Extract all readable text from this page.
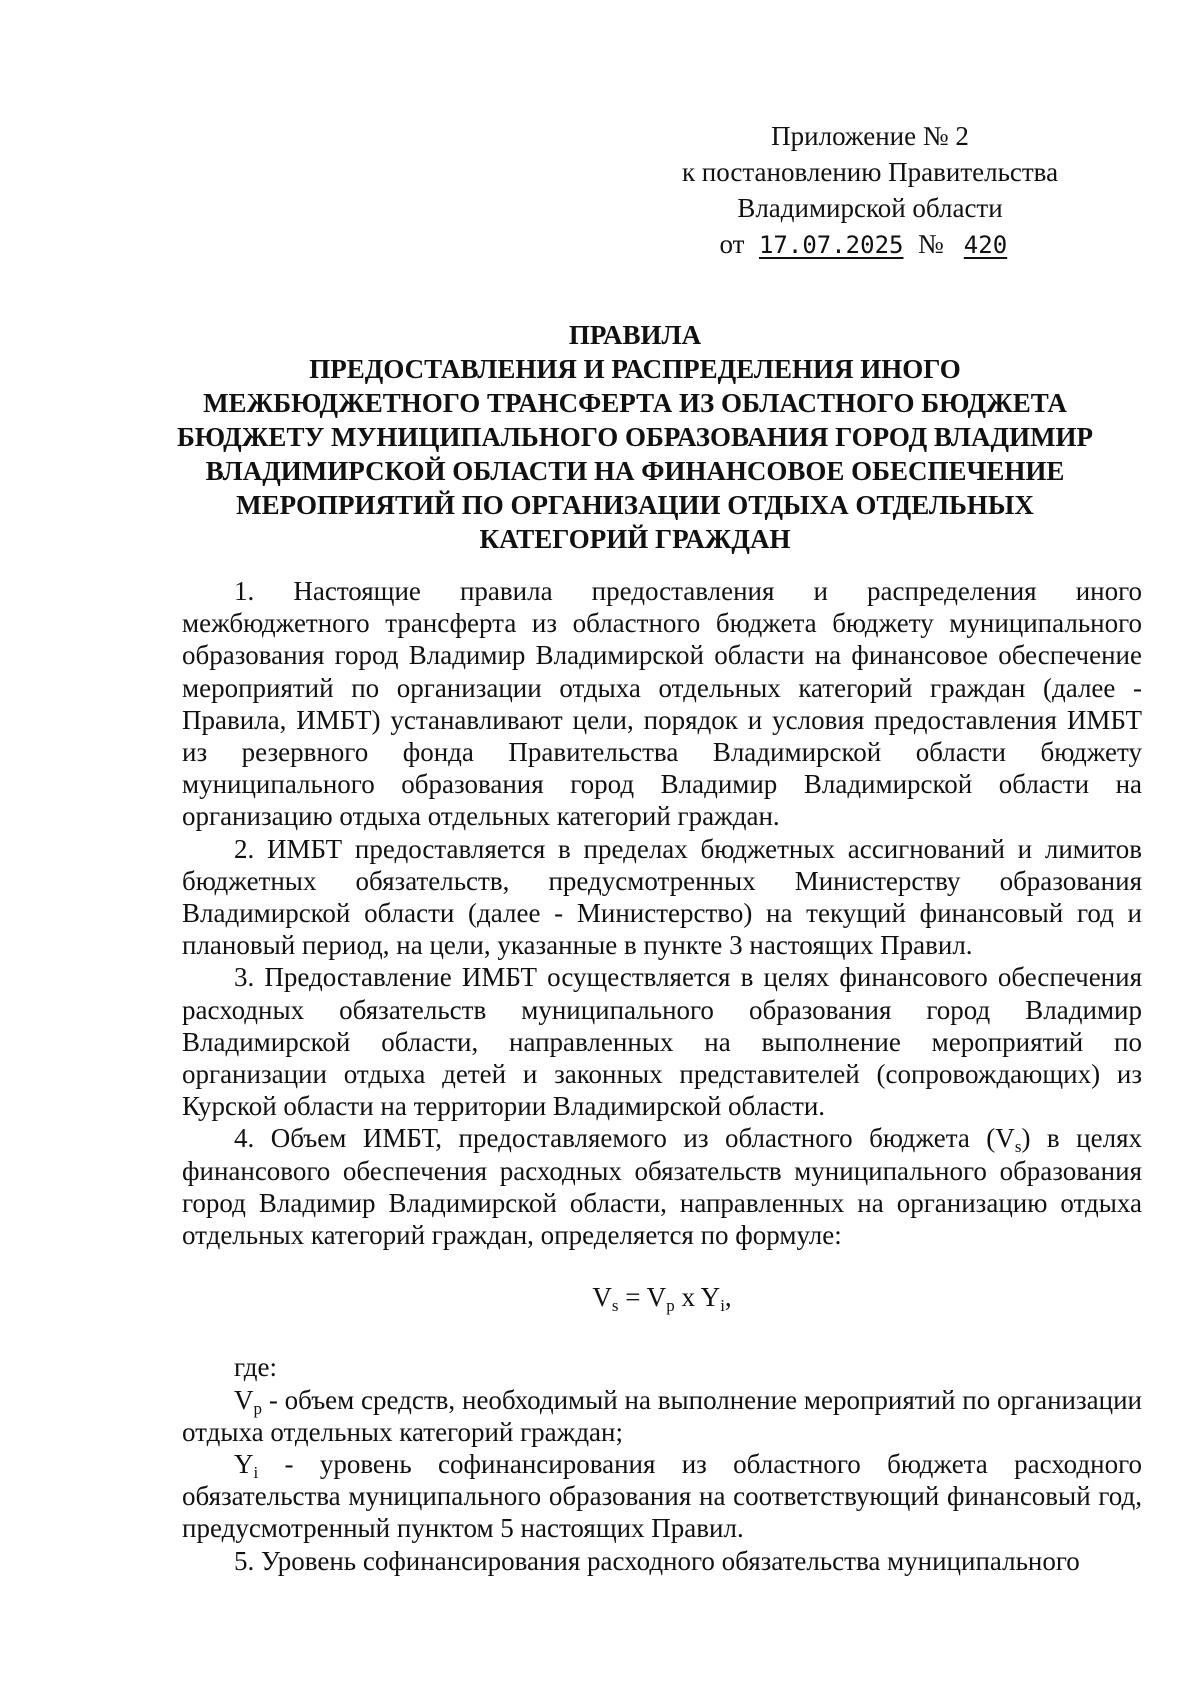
Приложение № 2
к постановлению Правительства
Владимирской области
от 17.07.2025 № 420
ПРАВИЛА
ПРЕДОСТАВЛЕНИЯ И РАСПРЕДЕЛЕНИЯ ИНОГО
МЕЖБЮДЖЕТНОГО ТРАНСФЕРТА ИЗ ОБЛАСТНОГО БЮДЖЕТА
БЮДЖЕТУ МУНИЦИПАЛЬНОГО ОБРАЗОВАНИЯ ГОРОД ВЛАДИМИР
ВЛАДИМИРСКОЙ ОБЛАСТИ НА ФИНАНСОВОЕ ОБЕСПЕЧЕНИЕ
МЕРОПРИЯТИЙ ПО ОРГАНИЗАЦИИ ОТДЫХА ОТДЕЛЬНЫХ
КАТЕГОРИЙ ГРАЖДАН

1. Настоящие правила предоставления и распределения иного межбюджетного трансферта из областного бюджета бюджету муниципального образования город Владимир Владимирской области на финансовое обеспечение мероприятий по организации отдыха отдельных категорий граждан (далее - Правила, ИМБТ) устанавливают цели, порядок и условия предоставления ИМБТ из резервного фонда Правительства Владимирской области бюджету муниципального образования город Владимир Владимирской области на организацию отдыха отдельных категорий граждан.

2. ИМБТ предоставляется в пределах бюджетных ассигнований и лимитов бюджетных обязательств, предусмотренных Министерству образования Владимирской области (далее - Министерство) на текущий финансовый год и плановый период, на цели, указанные в пункте 3 настоящих Правил.

3. Предоставление ИМБТ осуществляется в целях финансового обеспечения расходных обязательств муниципального образования город Владимир Владимирской области, направленных на выполнение мероприятий по организации отдыха детей и законных представителей (сопровождающих) из Курской области на территории Владимирской области.

4. Объем ИМБТ, предоставляемого из областного бюджета $(V_s)$ в целях финансового обеспечения расходных обязательств муниципального образования город Владимир Владимирской области, направленных на организацию отдыха отдельных категорий граждан, определяется по формуле:

$V_s = V_p$ x $Y_i$,

где:

$V_p$ - объем средств, необходимый на выполнение мероприятий по организации отдыха отдельных категорий граждан;

$Y_i$ - уровень софинансирования из областного бюджета расходного обязательства муниципального образования на соответствующий финансовый год, предусмотренный пунктом 5 настоящих Правил.

5. Уровень софинансирования расходного обязательства муниципального
